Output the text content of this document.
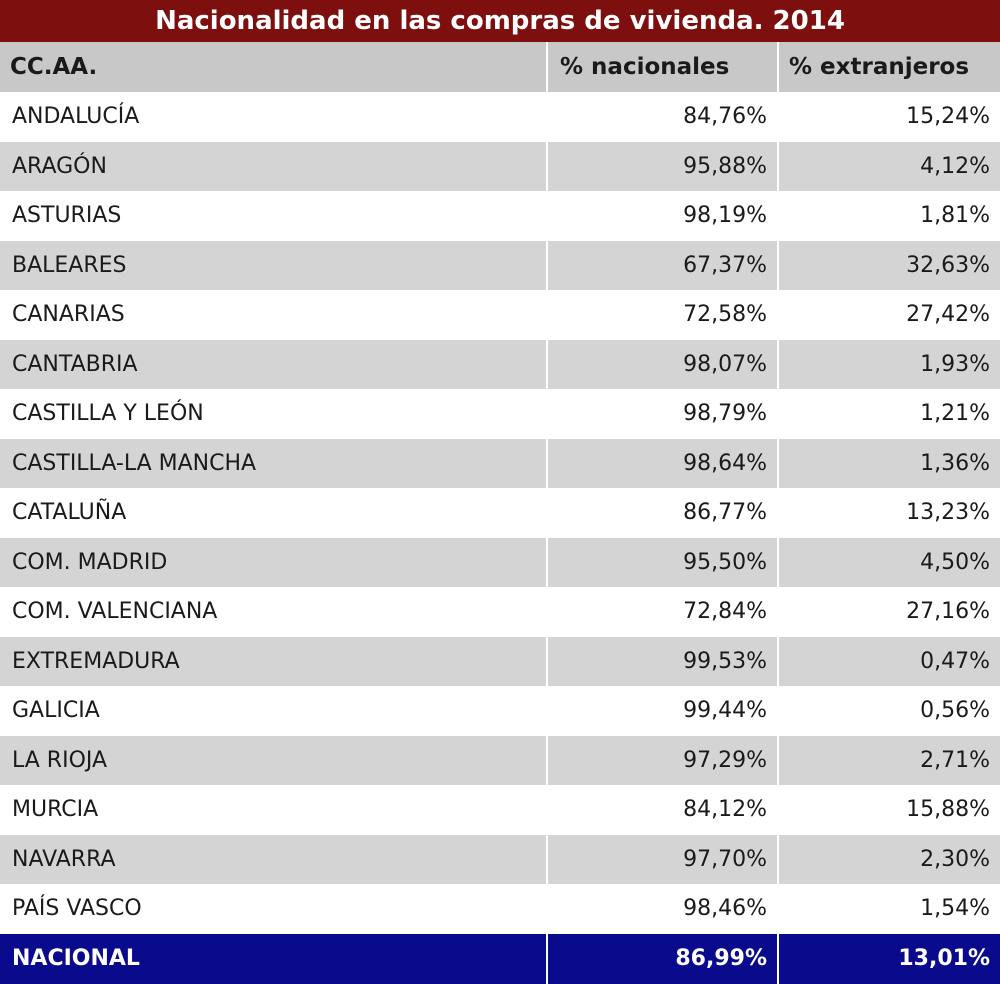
Nacionalidad en las compras de vivienda. 2014
CC.AA.	% nacionales	% extranjeros
ANDALUCÍA	84,76%	15,24%
ARAGÓN	95,88%	4,12%
ASTURIAS	98,19%	1,81%
BALEARES	67,37%	32,63%
CANARIAS	72,58%	27,42%
CANTABRIA	98,07%	1,93%
CASTILLA Y LEÓN	98,79%	1,21%
CASTILLA-LA MANCHA	98,64%	1,36%
CATALUÑA	86,77%	13,23%
COM. MADRID	95,50%	4,50%
COM. VALENCIANA	72,84%	27,16%
EXTREMADURA	99,53%	0,47%
GALICIA	99,44%	0,56%
LA RIOJA	97,29%	2,71%
MURCIA	84,12%	15,88%
NAVARRA	97,70%	2,30%
PAÍS VASCO	98,46%	1,54%
NACIONAL	86,99%	13,01%
